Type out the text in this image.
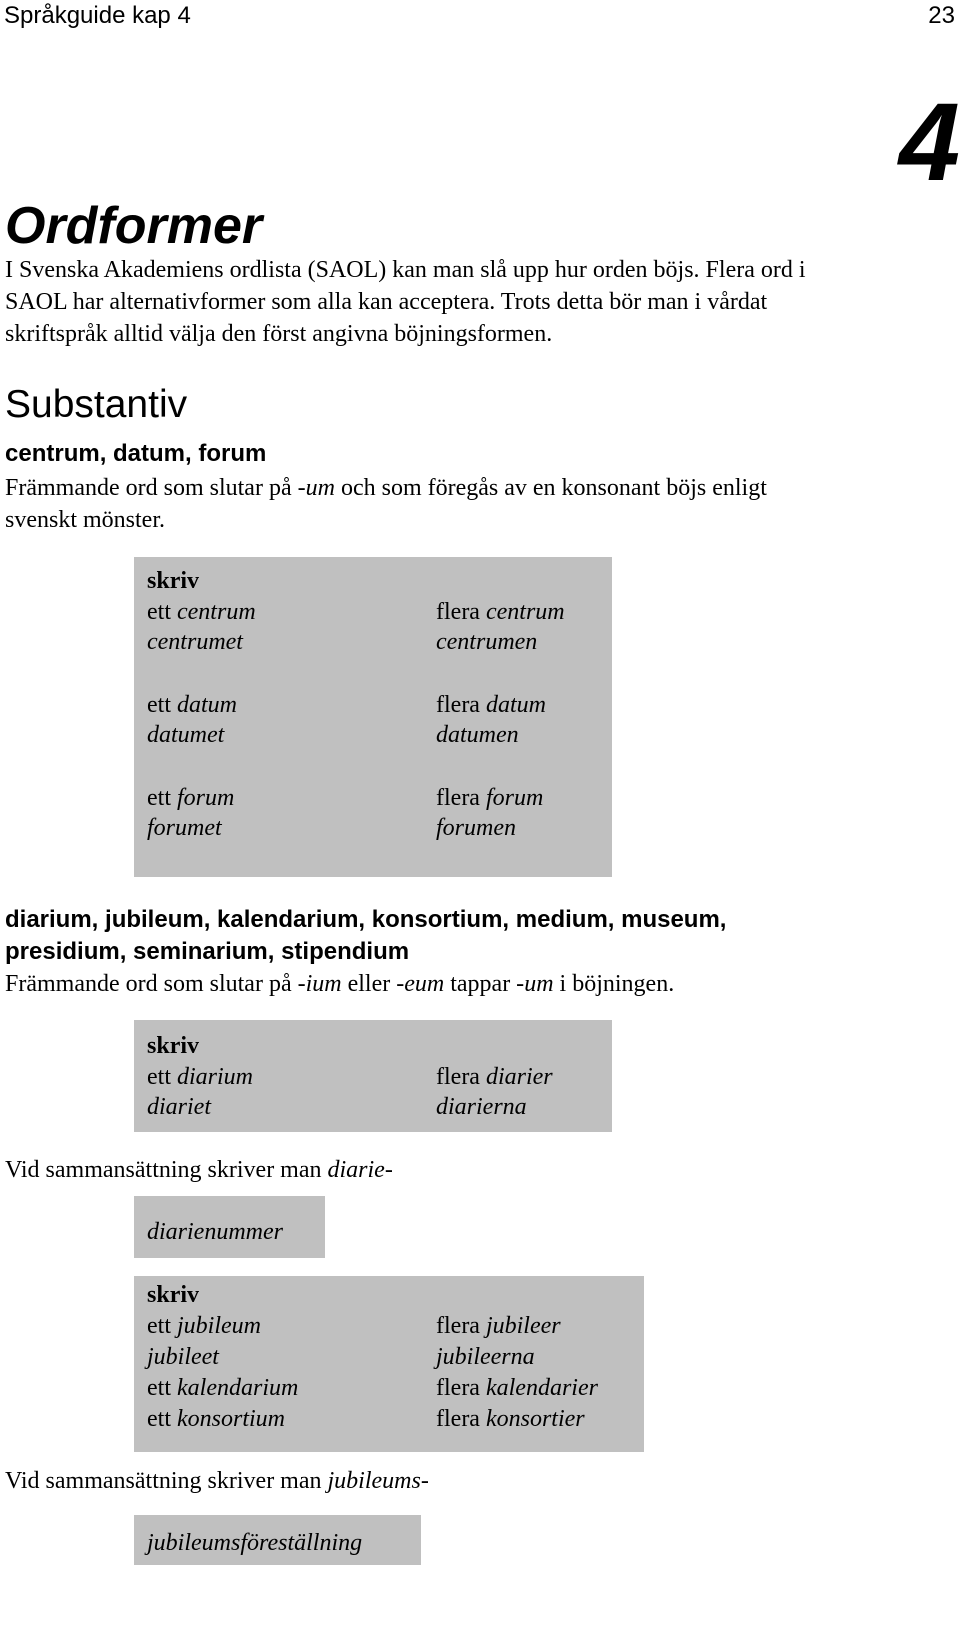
Språkguide kap 4	23
4
Ordformer
I Svenska Akademiens ordlista (SAOL) kan man slå upp hur orden böjs. Flera ord i
SAOL har alternativformer som alla kan acceptera. Trots detta bör man i vårdat
skriftspråk alltid välja den först angivna böjningsformen.
Substantiv
centrum, datum, forum
Främmande ord som slutar på -um och som föregås av en konsonant böjs enligt
svenskt mönster.
skriv
ett centrum
centrumet
flera centrum
centrumen
ett datum
datumet
flera datum
datumen
ett forum
forumet
flera forum
forumen
diarium, jubileum, kalendarium, konsortium, medium, museum,
presidium, seminarium, stipendium
Främmande ord som slutar på -ium eller -eum tappar -um i böjningen.
skriv
ett diarium
diariet
flera diarier
diarierna
Vid sammansättning skriver man diarie-
diarienummer
skriv
ett jubileum
jubileet
ett kalendarium
ett konsortium
flera jubileer
jubileerna
flera kalendarier
flera konsortier
Vid sammansättning skriver man jubileums-
jubileumsföreställning
